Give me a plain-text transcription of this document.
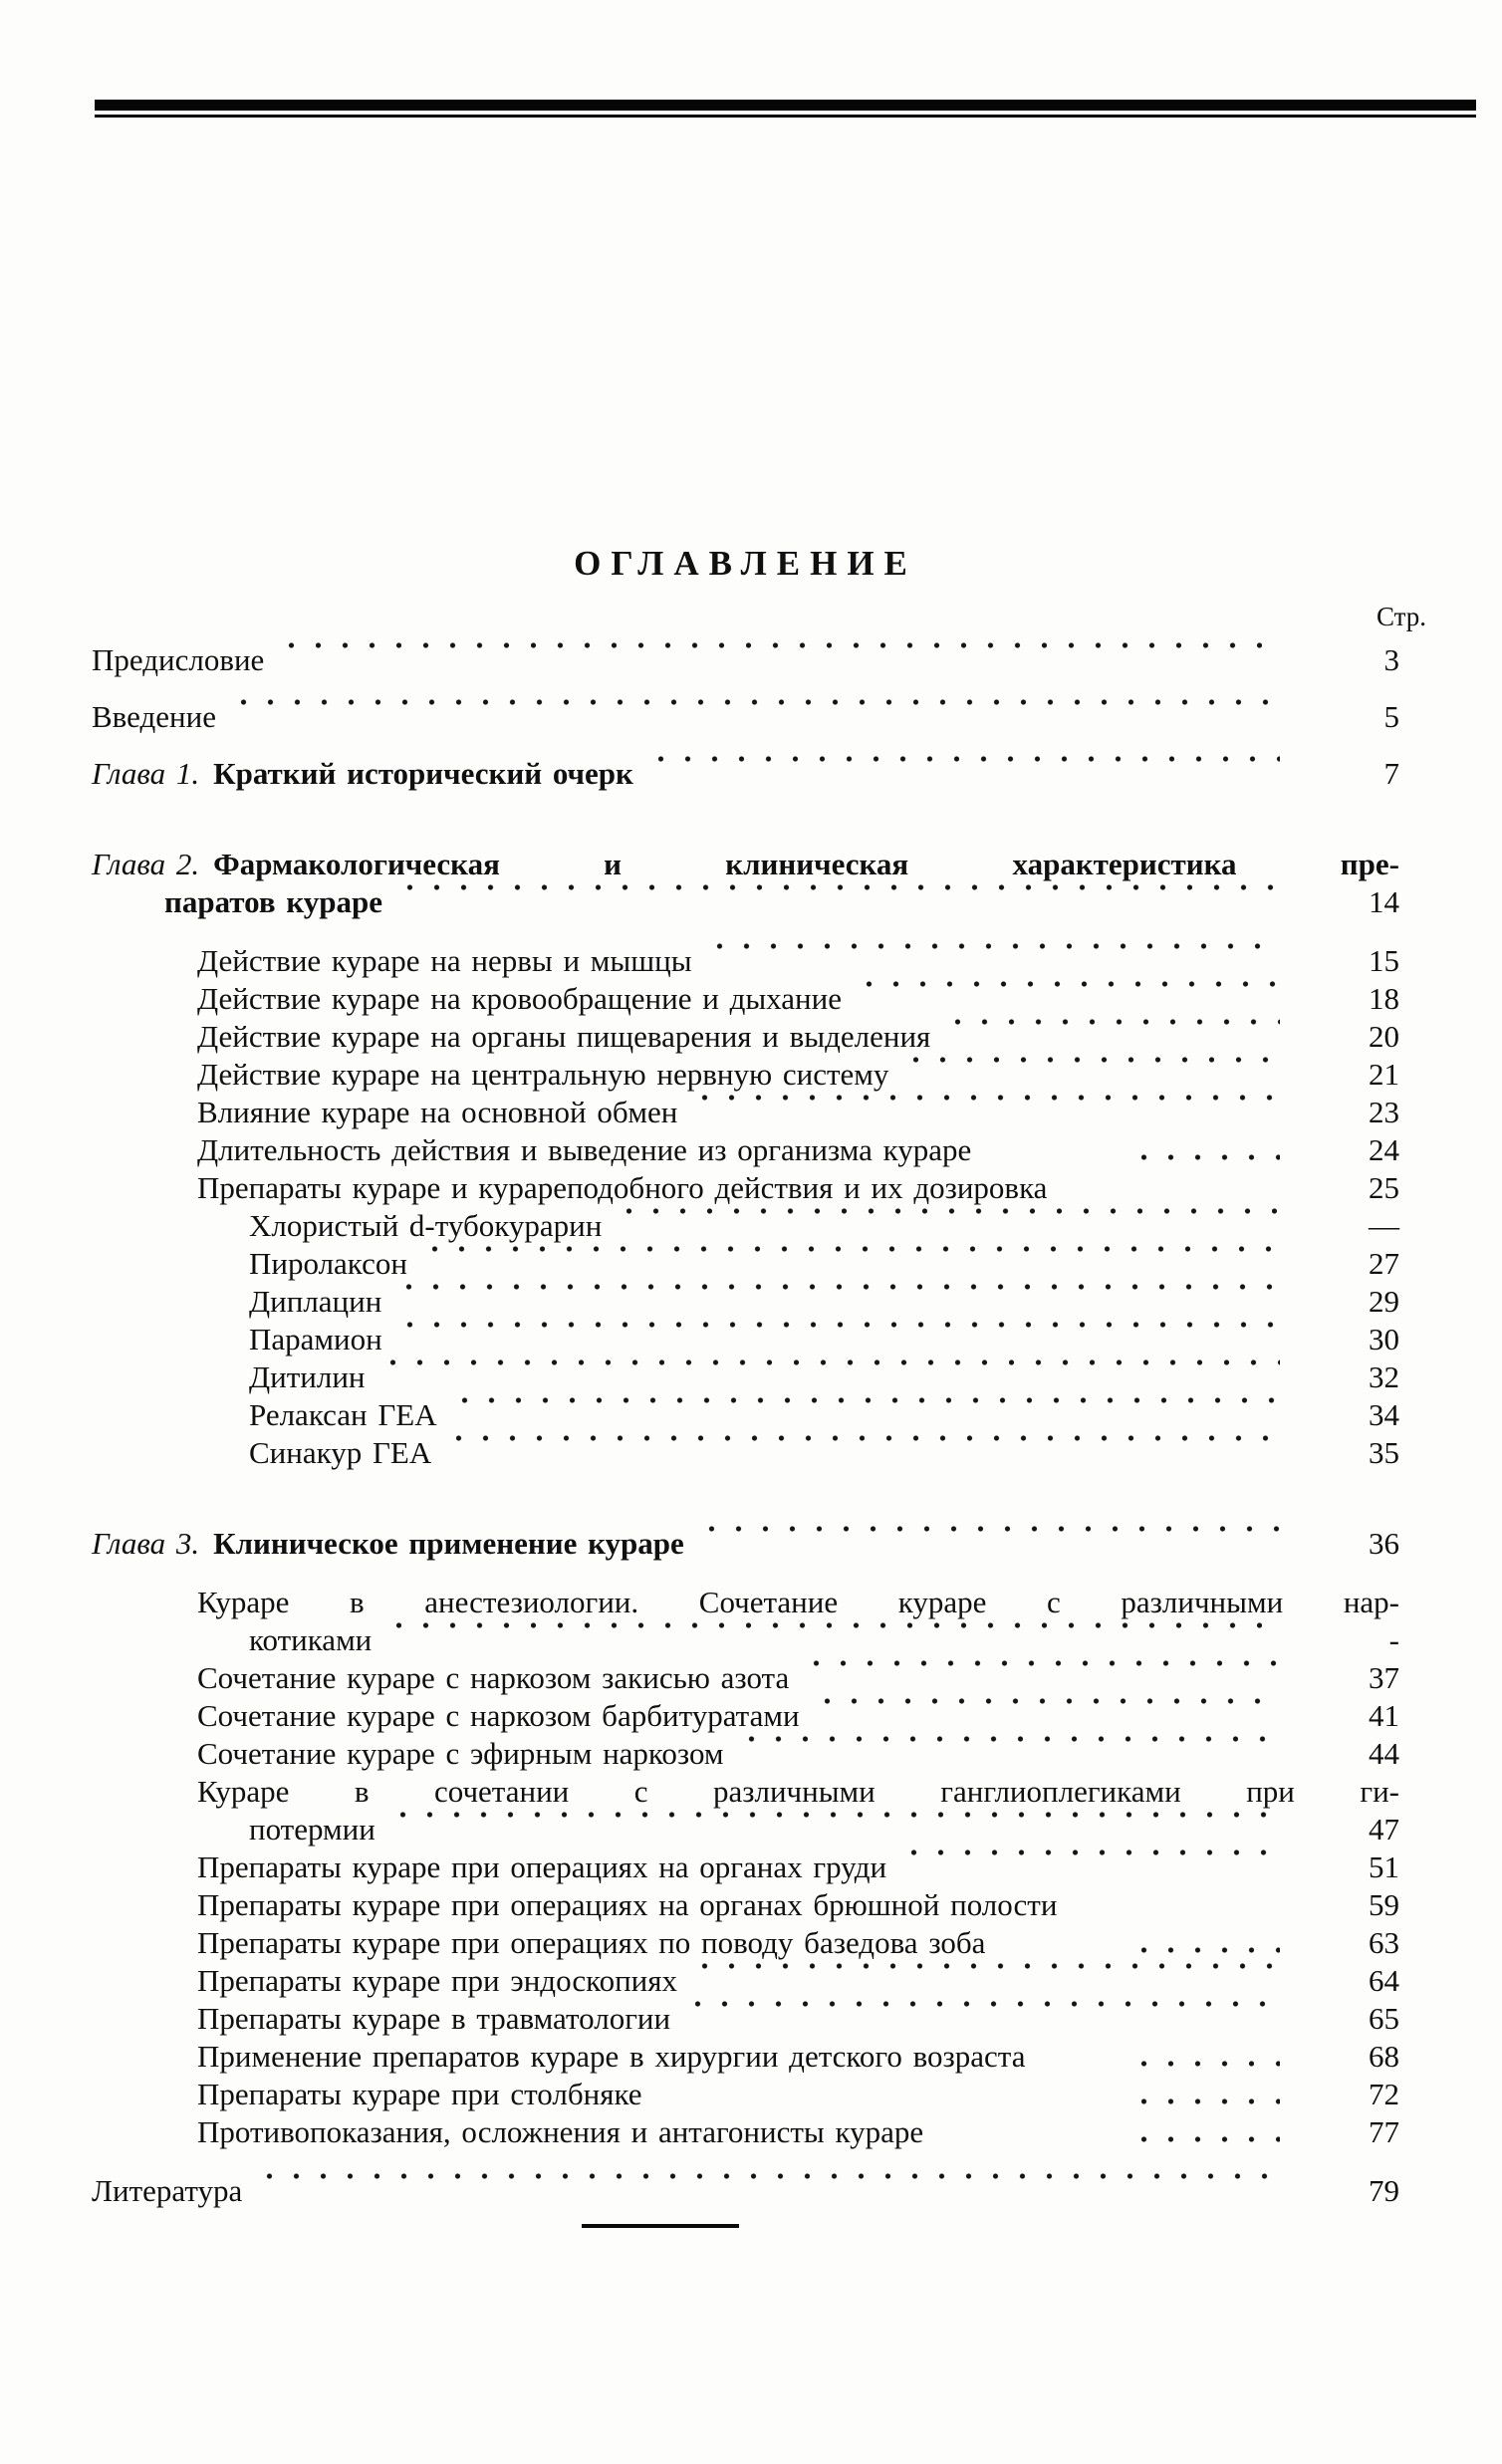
ОГЛАВЛЕНИЕ
Стр.
Предисловие	3
Введение	5
Глава 1. Краткий исторический очерк	7
Глава 2. Фармакологическая и клиническая характеристика пре-
паратов кураре	14
Действие кураре на нервы и мышцы	15
Действие кураре на кровообращение и дыхание	18
Действие кураре на органы пищеварения и выделения	20
Действие кураре на центральную нервную систему	21
Влияние кураре на основной обмен	23
Длительность действия и выведение из организма кураре	24
Препараты кураре и курареподобного действия и их дозировка	25
Хлористый d-тубокурарин	—
Пиролаксон	27
Диплацин	29
Парамион	30
Дитилин	32
Релаксан ГЕА	34
Синакур ГЕА	35
Глава 3. Клиническое применение кураре	36
Кураре в анестезиологии. Сочетание кураре с различными нар-
котиками	-
Сочетание кураре с наркозом закисью азота	37
Сочетание кураре с наркозом барбитуратами	41
Сочетание кураре с эфирным наркозом	44
Кураре в сочетании с различными ганглиоплегиками при ги-
потермии	47
Препараты кураре при операциях на органах груди	51
Препараты кураре при операциях на органах брюшной полости	59
Препараты кураре при операциях по поводу базедова зоба	63
Препараты кураре при эндоскопиях	64
Препараты кураре в травматологии	65
Применение препаратов кураре в хирургии детского возраста	68
Препараты кураре при столбняке	72
Противопоказания, осложнения и антагонисты кураре	77
Литература	79
